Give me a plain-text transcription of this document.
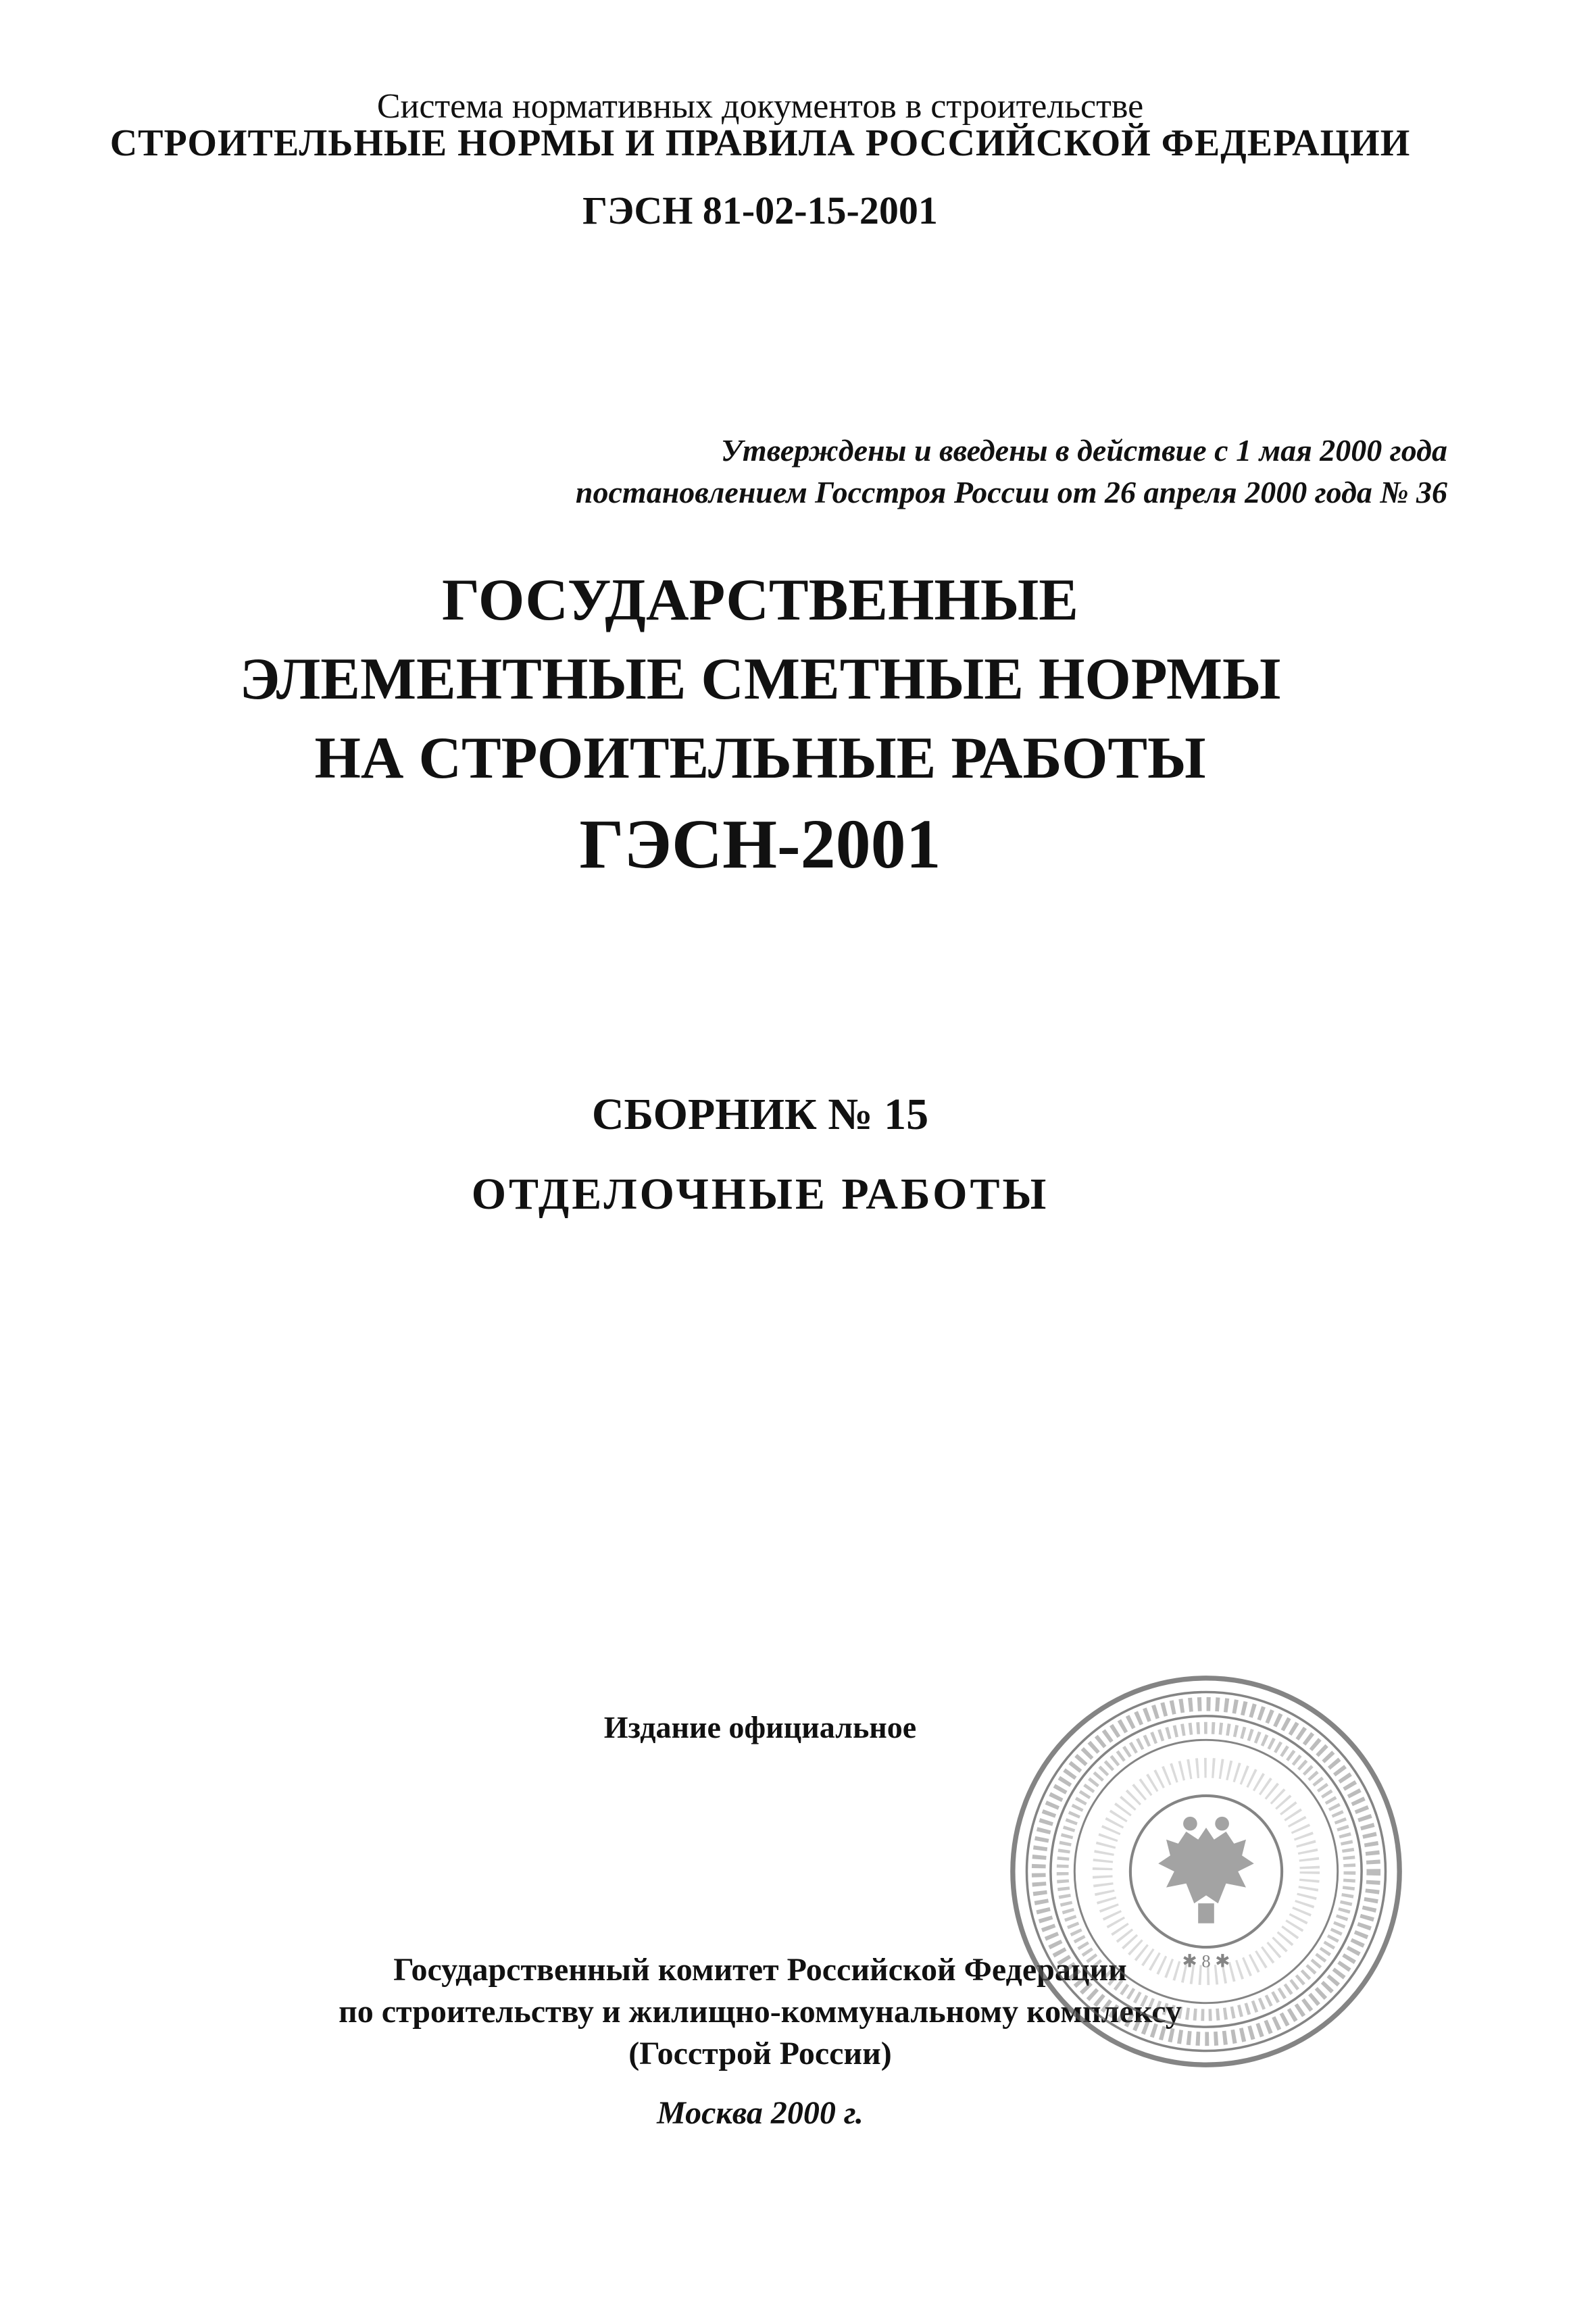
Система нормативных документов в строительстве
СТРОИТЕЛЬНЫЕ НОРМЫ И ПРАВИЛА РОССИЙСКОЙ ФЕДЕРАЦИИ
ГЭСН 81-02-15-2001
Утверждены и введены в действие с 1 мая 2000 года
постановлением Госстроя России от 26 апреля 2000 года № 36
ГОСУДАРСТВЕННЫЕ
ЭЛЕМЕНТНЫЕ СМЕТНЫЕ НОРМЫ
НА СТРОИТЕЛЬНЫЕ РАБОТЫ
ГЭСН-2001
СБОРНИК № 15
ОТДЕЛОЧНЫЕ РАБОТЫ
Издание официальное
Государственный комитет Российской Федерации
по строительству и жилищно-коммунальному комплексу
(Госстрой России)
Москва 2000 г.
✱ 8 ✱
